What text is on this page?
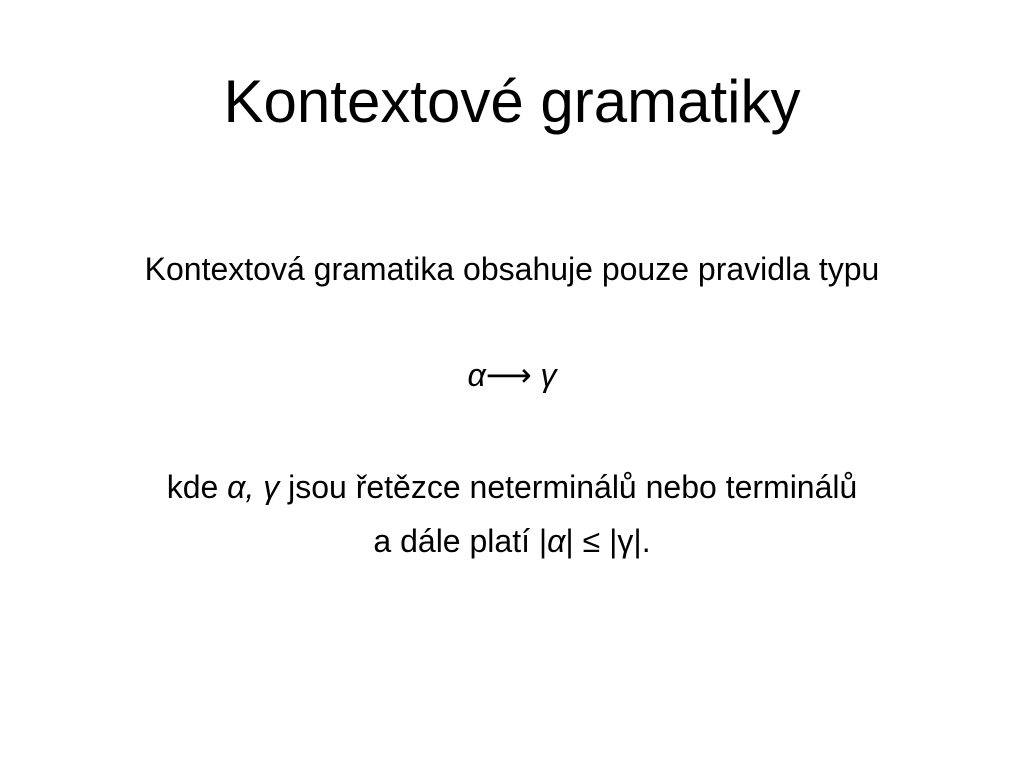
Kontextové gramatiky

Kontextová gramatika obsahuje pouze pravidla typu

α⟶ γ

kde α, γ jsou řetězce neterminálů nebo terminálů
a dále platí |α| ≤ |γ|.
